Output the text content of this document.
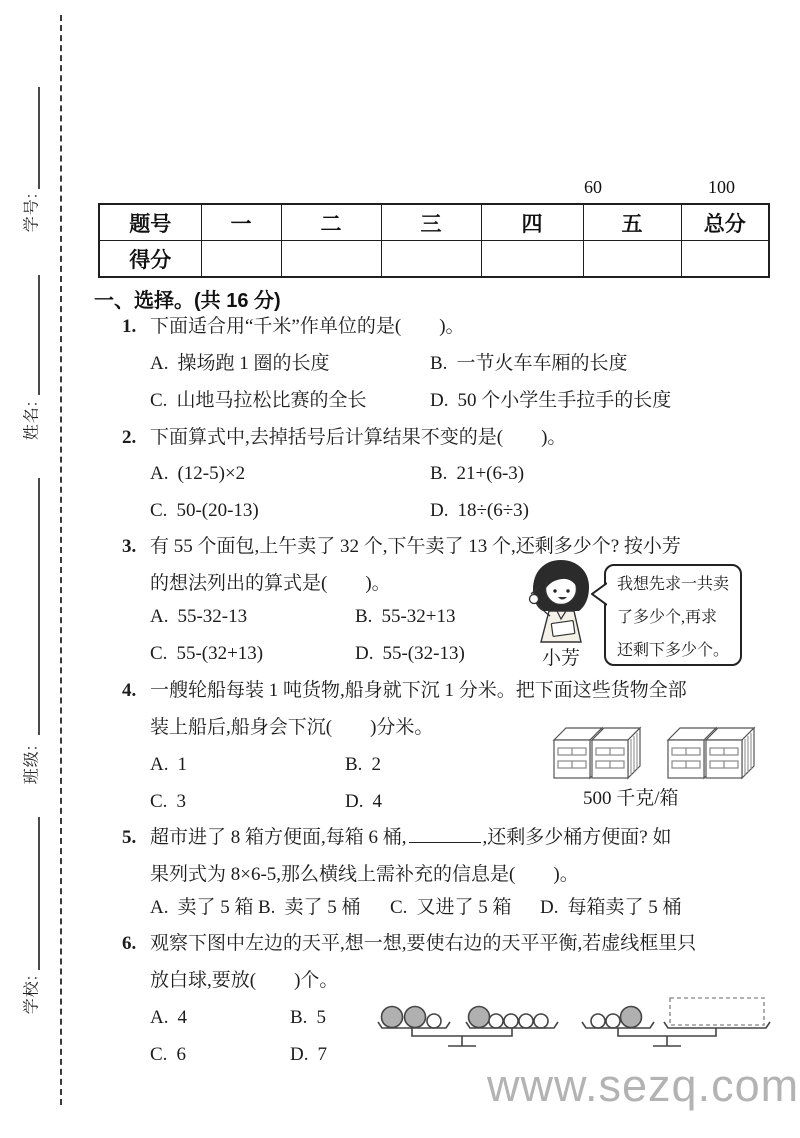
学号:
姓名:
班级:
学校:
60	100
题号	一	二	三	四	五	总分
得分						
一、选择。(共 16 分)
1. 下面适合用“千米”作单位的是(　　)。
A. 操场跑 1 圈的长度	B. 一节火车车厢的长度
C. 山地马拉松比赛的全长	D. 50 个小学生手拉手的长度
2. 下面算式中,去掉括号后计算结果不变的是(　　)。
A. (12-5)×2	B. 21+(6-3)
C. 50-(20-13)	D. 18÷(6÷3)
3. 有 55 个面包,上午卖了 32 个,下午卖了 13 个,还剩多少个? 按小芳
的想法列出的算式是(　　)。
A. 55-32-13	B. 55-32+13
C. 55-(32+13)	D. 55-(32-13)	小芳
我想先求一共卖
了多少个,再求
还剩下多少个。
4. 一艘轮船每装 1 吨货物,船身就下沉 1 分米。把下面这些货物全部
装上船后,船身会下沉(　　)分米。
A. 1	B. 2
C. 3	D. 4	500 千克/箱
5. 超市进了 8 箱方便面,每箱 6 桶,	,还剩多少桶方便面? 如
果列式为 8×6-5,那么横线上需补充的信息是(　　)。
A. 卖了 5 箱 B. 卖了 5 桶 C. 又进了 5 箱 D. 每箱卖了 5 桶
6. 观察下图中左边的天平,想一想,要使右边的天平平衡,若虚线框里只
放白球,要放(　　)个。
A. 4	B. 5
C. 6	D. 7
www.sezq.com
